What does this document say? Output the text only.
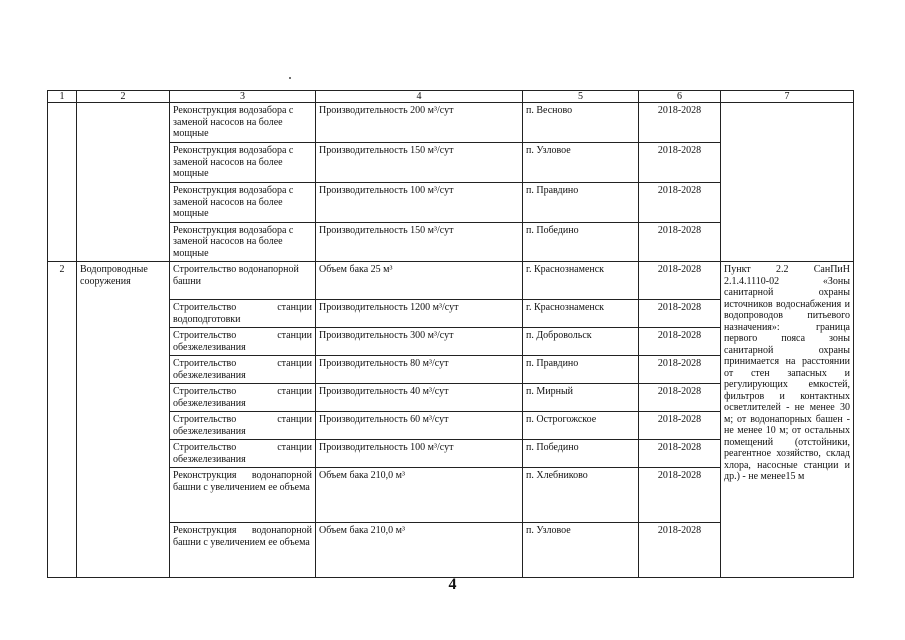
1	2	3	4	5	6	7
		Реконструкция водозабора с заменой насосов на более мощные	Производительность 200 м³/сут	п. Весново	2018-2028	
		Реконструкция водозабора с заменой насосов на более мощные	Производительность 150 м³/сут	п. Узловое	2018-2028	
		Реконструкция водозабора с заменой насосов на более мощные	Производительность 100 м³/сут	п. Правдино	2018-2028	
		Реконструкция водозабора с заменой насосов на более мощные	Производительность 150 м³/сут	п. Победино	2018-2028	
2	Водопроводные сооружения	Строительство водонапорной башни	Объем бака 25 м³	г. Краснознаменск	2018-2028	Пункт 2.2 СанПиН 2.1.4.1110-02 «Зоны санитарной охраны источников водоснабжения и водопроводов питьевого назначения»: граница первого пояса зоны санитарной охраны принимается на расстоянии от стен запасных и регулирующих емкостей, фильтров и контактных осветлителей - не менее 30 м; от водонапорных башен - не менее 10 м; от остальных помещений (отстойники, реагентное хозяйство, склад хлора, насосные станции и др.) - не менее15 м
		Строительство станции водоподготовки	Производительность 1200 м³/сут	г. Краснознаменск	2018-2028	
		Строительство станции обезжелезивания	Производительность 300 м³/сут	п. Добровольск	2018-2028	
		Строительство станции обезжелезивания	Производительность 80 м³/сут	п. Правдино	2018-2028	
		Строительство станции обезжелезивания	Производительность 40 м³/сут	п. Мирный	2018-2028	
		Строительство станции обезжелезивания	Производительность 60 м³/сут	п. Острогожское	2018-2028	
		Строительство станции обезжелезивания	Производительность 100 м³/сут	п. Победино	2018-2028	
		Реконструкция водонапорной башни с увеличением ее объема	Объем бака 210,0 м³	п. Хлебниково	2018-2028	
		Реконструкция водонапорной башни с увеличением ее объема	Объем бака 210,0 м³	п. Узловое	2018-2028	
4
